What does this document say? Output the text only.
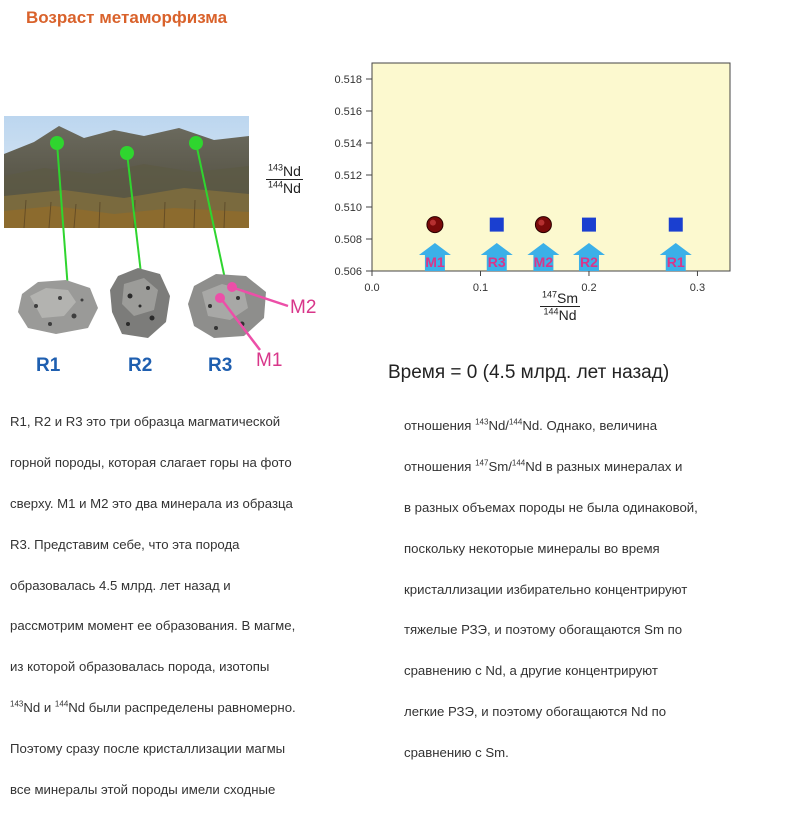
Возраст метаморфизма
R1	R2	R3
M2
M1
$\frac{^{143}Nd}{^{144}Nd}$
$\frac{^{147}Sm}{^{144}Nd}$
0.506
0.508
0.510
0.512
0.514
0.516
0.518
0.0	0.1	0.2	0.3
M1	R3 M2 R2	R1
Время = 0 (4.5 млрд. лет назад)

R1, R2 и R3 это три образца магматической

горной породы, которая слагает горы на фото

сверху. M1 и M2 это два минерала из образца

R3. Представим себе, что эта порода

образовалась 4.5 млрд. лет назад и

рассмотрим момент ее образования. В магме,

из которой образовалась порода, изотопы

$^{143}$Nd и $^{144}$Nd были распределены равномерно.

Поэтому сразу после кристаллизации магмы

все минералы этой породы имели сходные

отношения $^{143}$Nd/$^{144}$Nd. Однако, величина

отношения $^{147}$Sm/$^{144}$Nd в разных минералах и

в разных объемах породы не была одинаковой,

поскольку некоторые минералы во время

кристаллизации избирательно концентрируют

тяжелые РЗЭ, и поэтому обогащаются Sm по

сравнению с Nd, а другие концентрируют

легкие РЗЭ, и поэтому обогащаются Nd по

сравнению с Sm.
